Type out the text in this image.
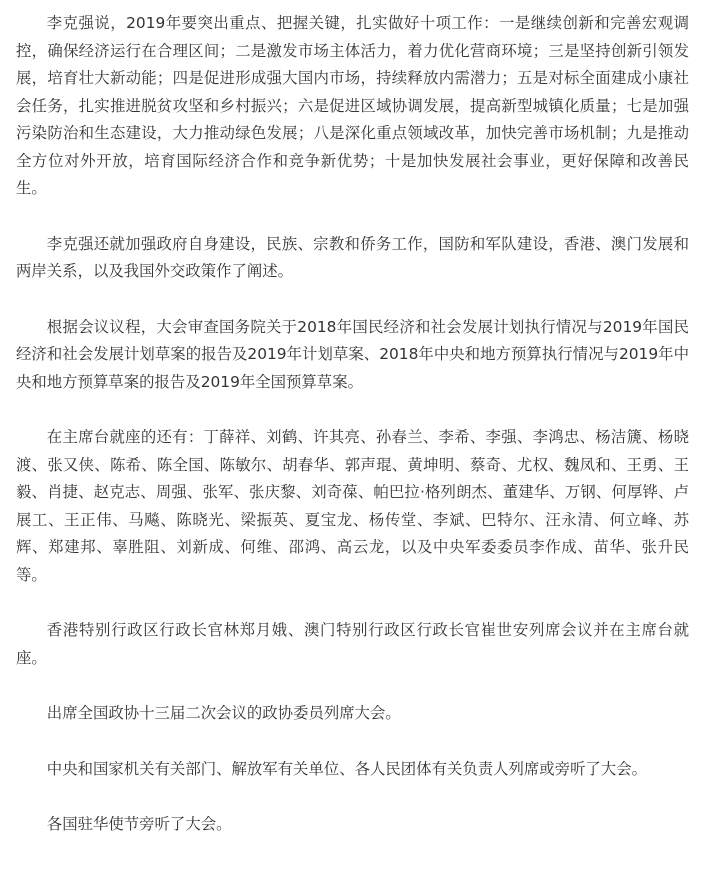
李克强说，2019年要突出重点、把握关键，扎实做好十项工作：一是继续创新和完善宏观调控，确保经济运行在合理区间；二是激发市场主体活力，着力优化营商环境；三是坚持创新引领发展，培育壮大新动能；四是促进形成强大国内市场，持续释放内需潜力；五是对标全面建成小康社会任务，扎实推进脱贫攻坚和乡村振兴；六是促进区域协调发展，提高新型城镇化质量；七是加强污染防治和生态建设，大力推动绿色发展；八是深化重点领域改革，加快完善市场机制；九是推动全方位对外开放，培育国际经济合作和竞争新优势；十是加快发展社会事业，更好保障和改善民生。

李克强还就加强政府自身建设，民族、宗教和侨务工作，国防和军队建设，香港、澳门发展和两岸关系，以及我国外交政策作了阐述。

根据会议议程，大会审查国务院关于2018年国民经济和社会发展计划执行情况与2019年国民经济和社会发展计划草案的报告及2019年计划草案、2018年中央和地方预算执行情况与2019年中央和地方预算草案的报告及2019年全国预算草案。

在主席台就座的还有：丁薛祥、刘鹤、许其亮、孙春兰、李希、李强、李鸿忠、杨洁篪、杨晓渡、张又侠、陈希、陈全国、陈敏尔、胡春华、郭声琨、黄坤明、蔡奇、尤权、魏凤和、王勇、王毅、肖捷、赵克志、周强、张军、张庆黎、刘奇葆、帕巴拉·格列朗杰、董建华、万钢、何厚铧、卢展工、王正伟、马飚、陈晓光、梁振英、夏宝龙、杨传堂、李斌、巴特尔、汪永清、何立峰、苏辉、郑建邦、辜胜阻、刘新成、何维、邵鸿、高云龙，以及中央军委委员李作成、苗华、张升民等。

香港特别行政区行政长官林郑月娥、澳门特别行政区行政长官崔世安列席会议并在主席台就座。

出席全国政协十三届二次会议的政协委员列席大会。

中央和国家机关有关部门、解放军有关单位、各人民团体有关负责人列席或旁听了大会。

各国驻华使节旁听了大会。
